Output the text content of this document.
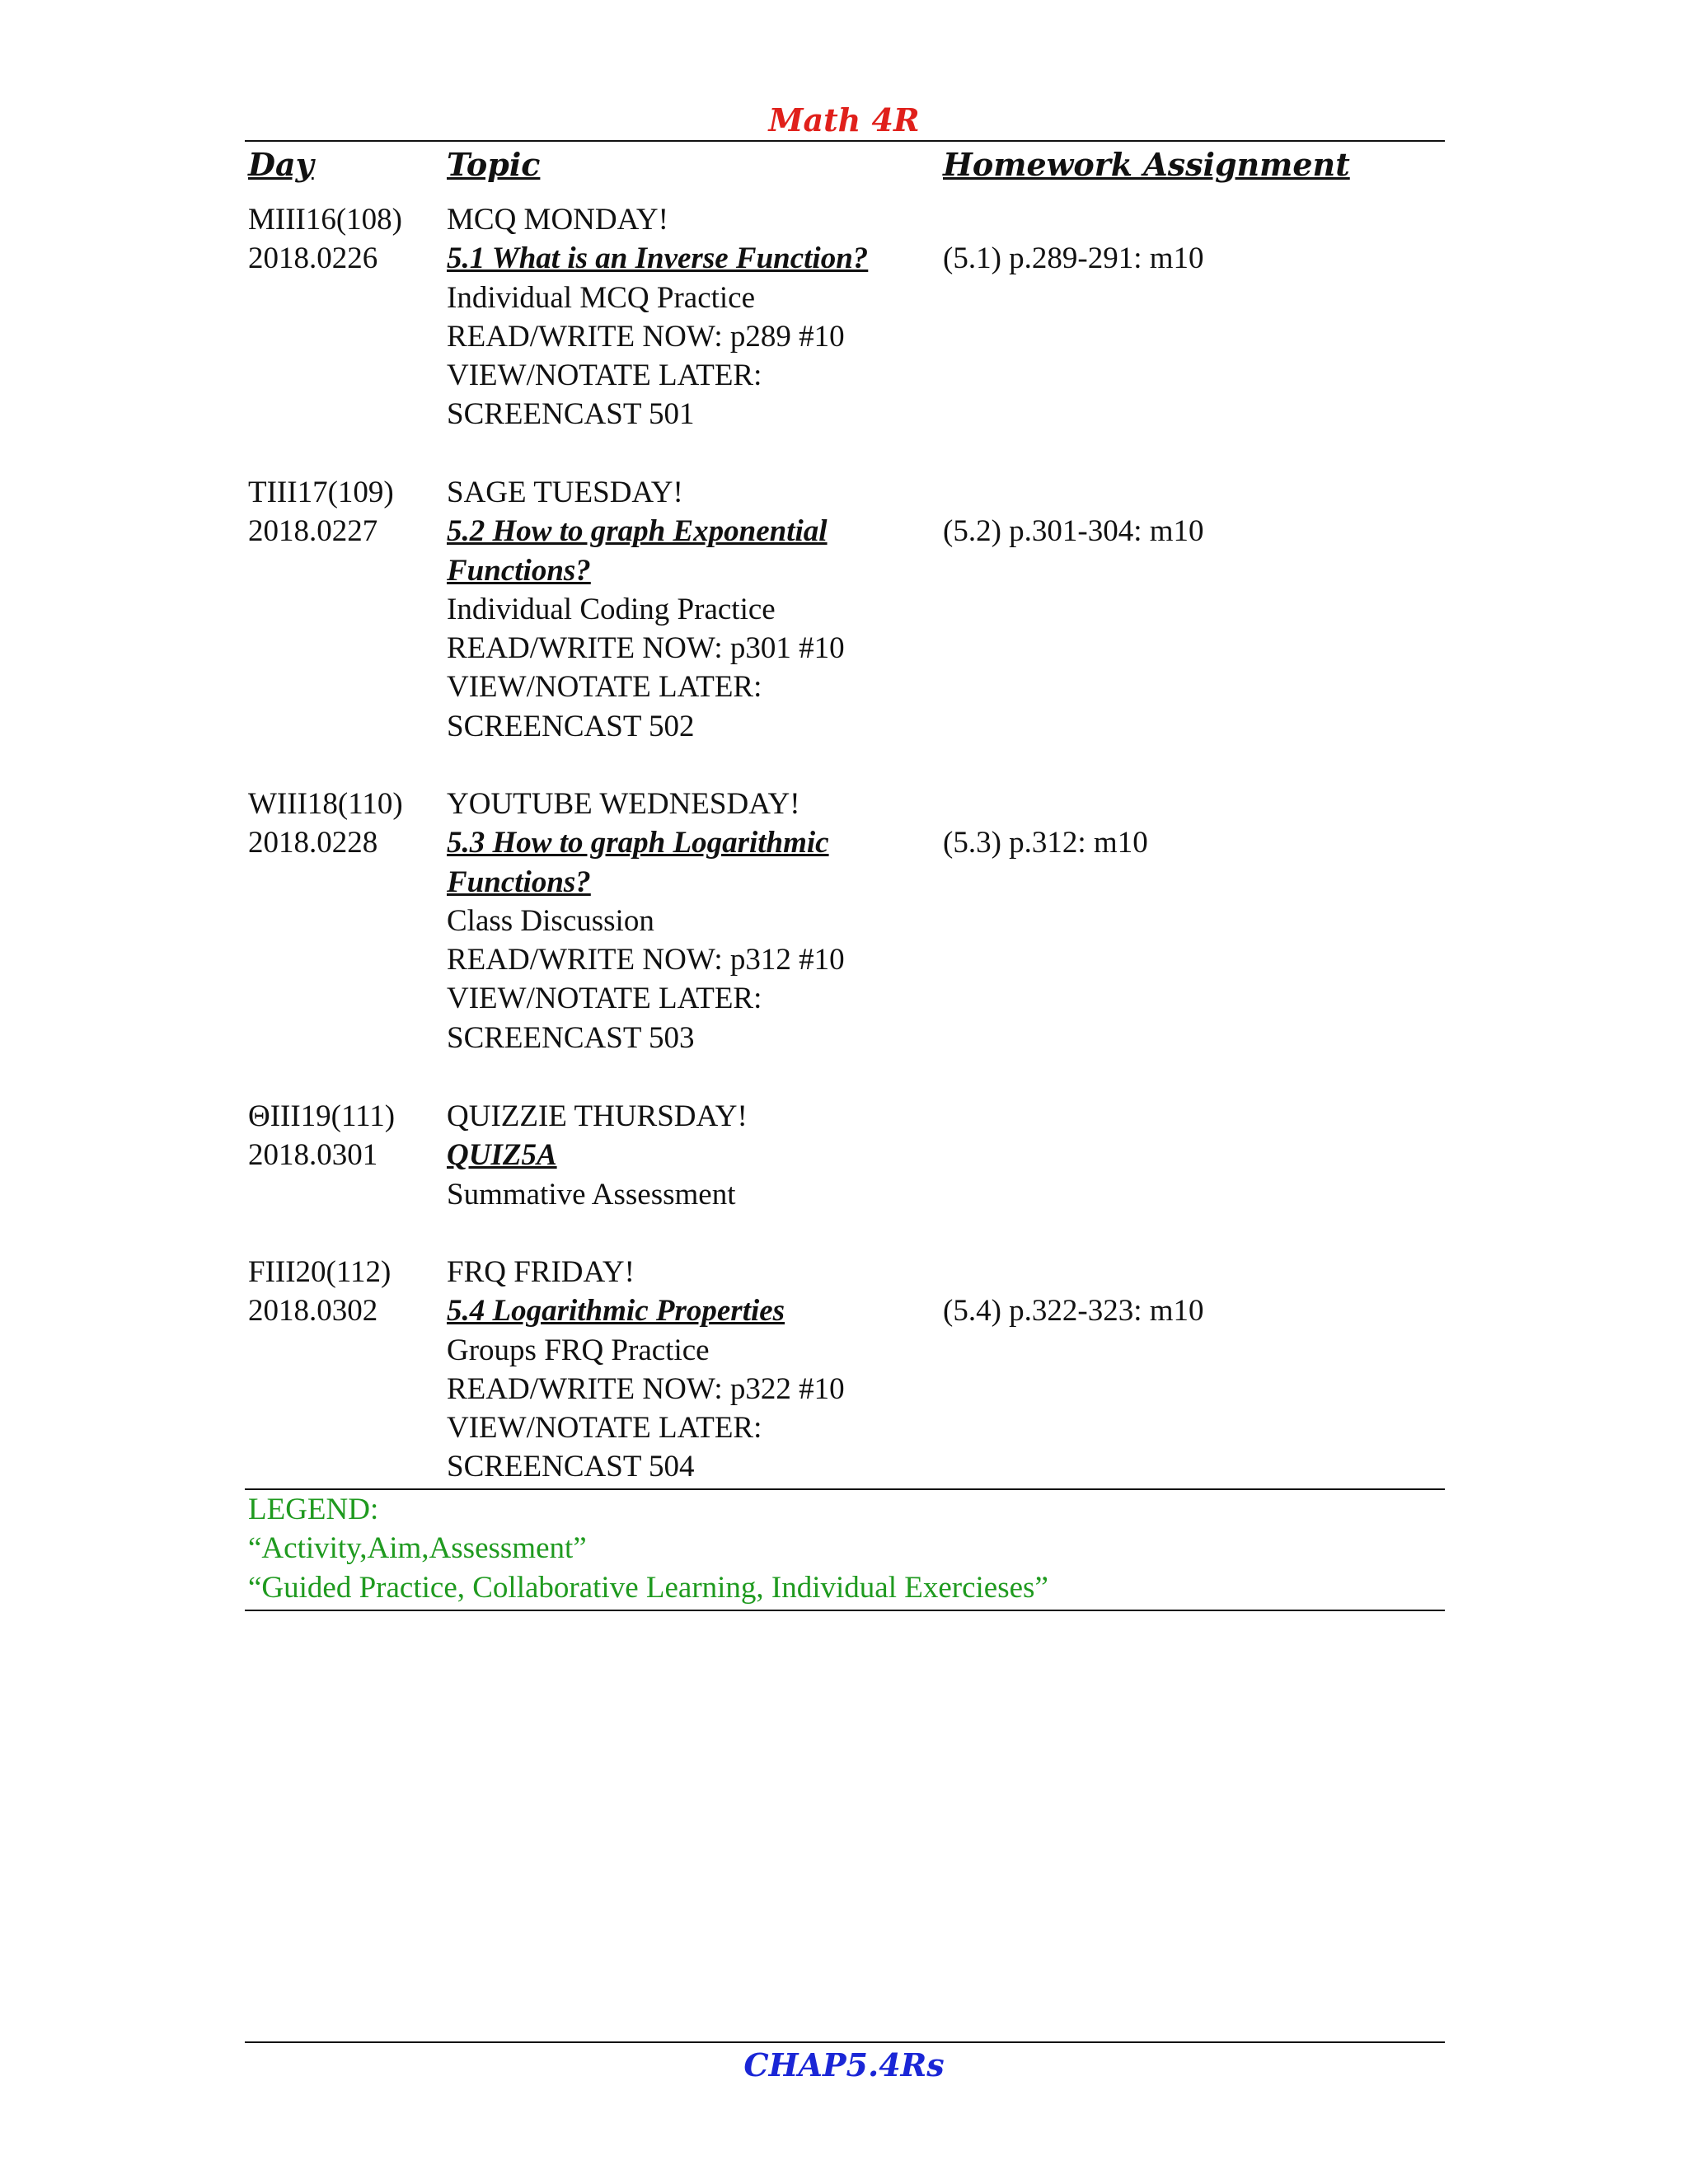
Math 4R
Day	Topic	Homework Assignment
MIII16(108)
2018.0226
MCQ MONDAY!
5.1 What is an Inverse Function?
Individual MCQ Practice
READ/WRITE NOW: p289 #10
VIEW/NOTATE LATER:
SCREENCAST 501
(5.1) p.289-291: m10
TIII17(109)
2018.0227
SAGE TUESDAY!
5.2 How to graph Exponential Functions?
Individual Coding Practice
READ/WRITE NOW: p301 #10
VIEW/NOTATE LATER:
SCREENCAST 502
(5.2) p.301-304: m10
WIII18(110)
2018.0228
YOUTUBE WEDNESDAY!
5.3 How to graph Logarithmic Functions?
Class Discussion
READ/WRITE NOW: p312 #10
VIEW/NOTATE LATER:
SCREENCAST 503
(5.3) p.312: m10
ΘIII19(111)
2018.0301
QUIZZIE THURSDAY!
QUIZ5A
Summative Assessment
FIII20(112)
2018.0302
FRQ FRIDAY!
5.4 Logarithmic Properties
Groups FRQ Practice
READ/WRITE NOW: p322 #10
VIEW/NOTATE LATER:
SCREENCAST 504
(5.4) p.322-323: m10
LEGEND:
“Activity,Aim,Assessment”
“Guided Practice, Collaborative Learning, Individual Exercieses”
CHAP5.4Rs
